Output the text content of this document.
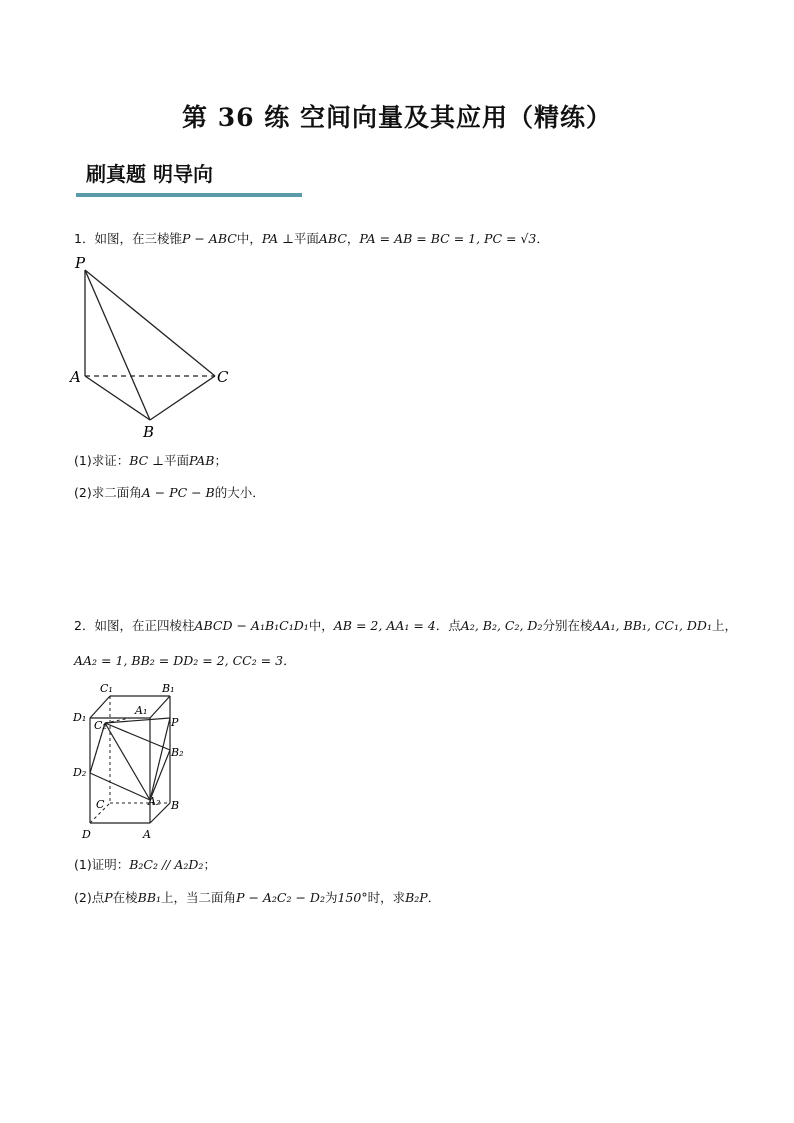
第 36 练 空间向量及其应用（精练）
刷真题 明导向
1．如图，在三棱锥P − ABC中，PA ⊥平面ABC，PA = AB = BC = 1, PC = √3．
P
A	C
B
(1)求证：BC ⊥平面PAB；
(2)求二面角A − PC − B的大小．
2．如图，在正四棱柱ABCD − A₁B₁C₁D₁中，AB = 2, AA₁ = 4．点A₂, B₂, C₂, D₂分别在棱AA₁, BB₁, CC₁, DD₁上，
AA₂ = 1, BB₂ = DD₂ = 2, CC₂ = 3．
C₁	B₁
D₁
A₁
C₂	P
B₂
D₂
C	A₂ B
D	A
(1)证明：B₂C₂ // A₂D₂；
(2)点P在棱BB₁上，当二面角P − A₂C₂ − D₂为150°时，求B₂P．
